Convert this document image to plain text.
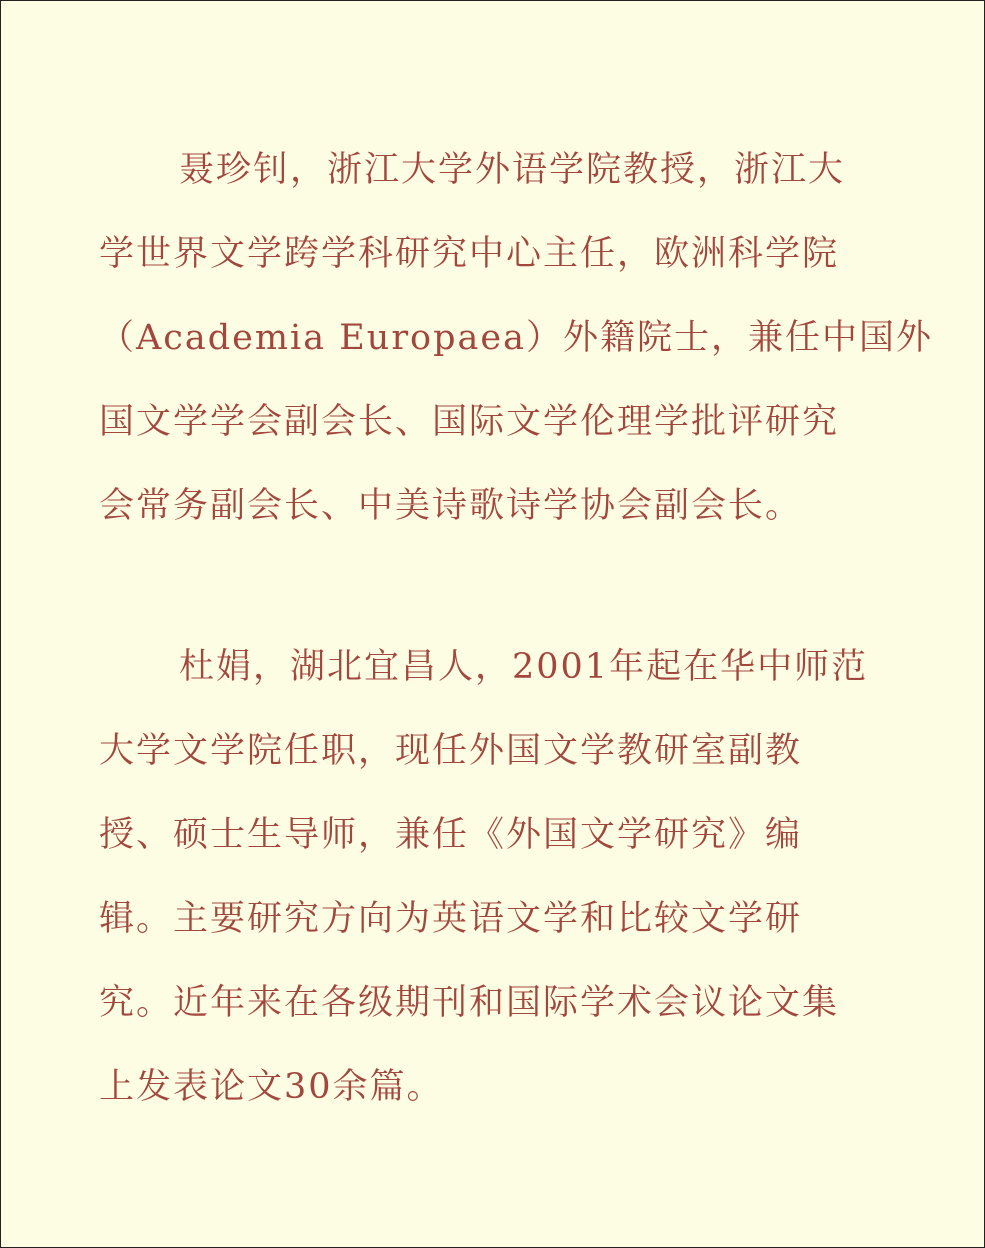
聂珍钊，浙江大学外语学院教授，浙江大
学世界文学跨学科研究中心主任，欧洲科学院
（Academia Europaea）外籍院士，兼任中国外
国文学学会副会长、国际文学伦理学批评研究
会常务副会长、中美诗歌诗学协会副会长。
杜娟，湖北宜昌人，2001年起在华中师范
大学文学院任职，现任外国文学教研室副教
授、硕士生导师，兼任《外国文学研究》编
辑。主要研究方向为英语文学和比较文学研
究。近年来在各级期刊和国际学术会议论文集
上发表论文30余篇。
